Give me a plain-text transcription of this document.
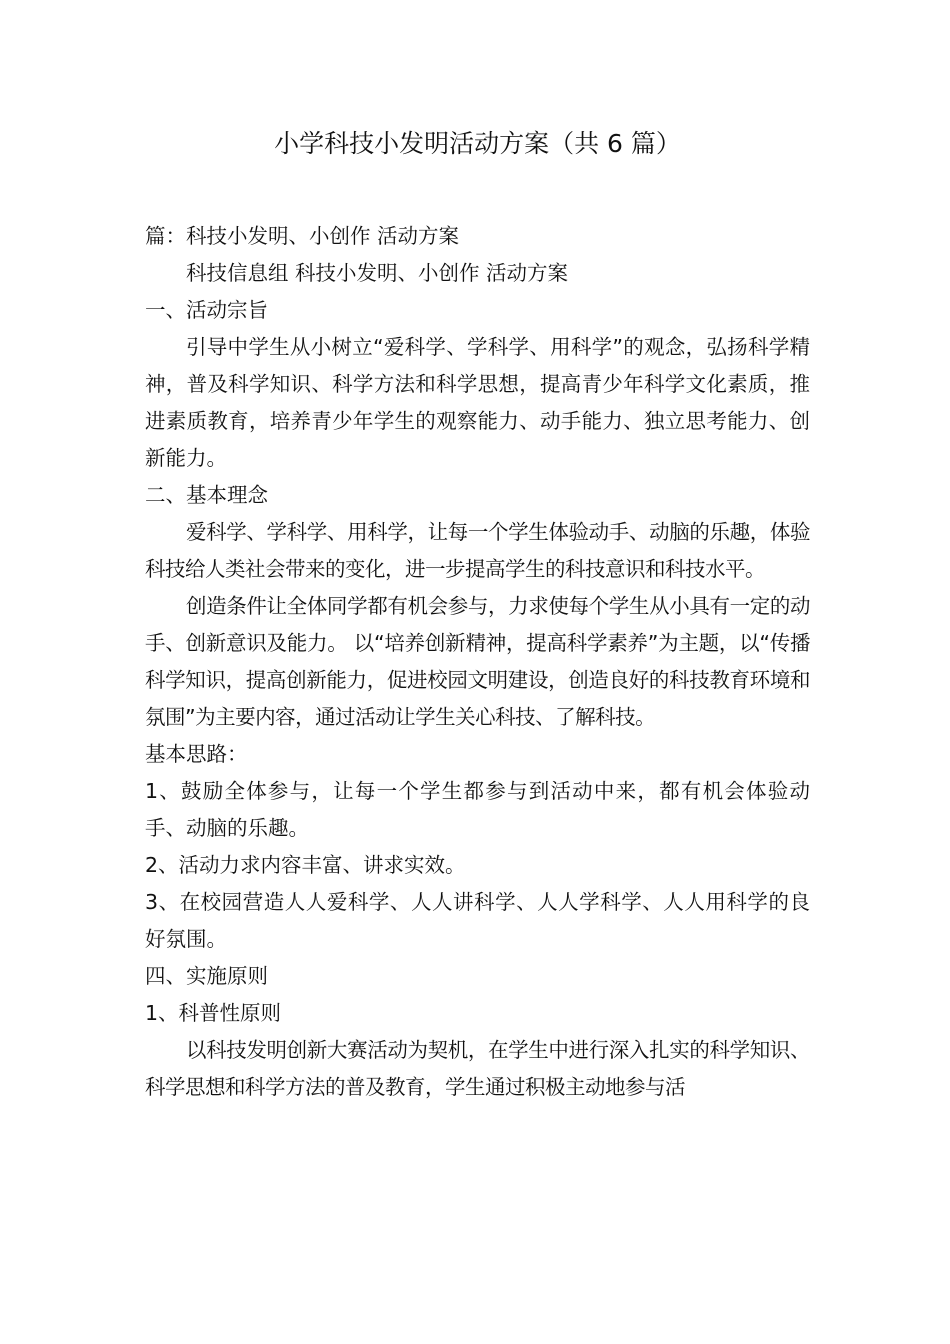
小学科技小发明活动方案（共 6 篇）

篇：科技小发明、小创作 活动方案

科技信息组 科技小发明、小创作 活动方案

一、活动宗旨

引导中学生从小树立“爱科学、学科学、用科学”的观念，弘扬科学精神，普及科学知识、科学方法和科学思想，提高青少年科学文化素质，推进素质教育，培养青少年学生的观察能力、动手能力、独立思考能力、创新能力。

二、基本理念

爱科学、学科学、用科学，让每一个学生体验动手、动脑的乐趣，体验科技给人类社会带来的变化，进一步提高学生的科技意识和科技水平。

创造条件让全体同学都有机会参与，力求使每个学生从小具有一定的动手、创新意识及能力。 以“培养创新精神，提高科学素养”为主题，以“传播科学知识，提高创新能力，促进校园文明建设，创造良好的科技教育环境和氛围”为主要内容，通过活动让学生关心科技、了解科技。

基本思路：

1、鼓励全体参与，让每一个学生都参与到活动中来，都有机会体验动手、动脑的乐趣。

2、活动力求内容丰富、讲求实效。

3、在校园营造人人爱科学、人人讲科学、人人学科学、人人用科学的良好氛围。

四、实施原则

1、科普性原则

以科技发明创新大赛活动为契机，在学生中进行深入扎实的科学知识、科学思想和科学方法的普及教育，学生通过积极主动地参与活
